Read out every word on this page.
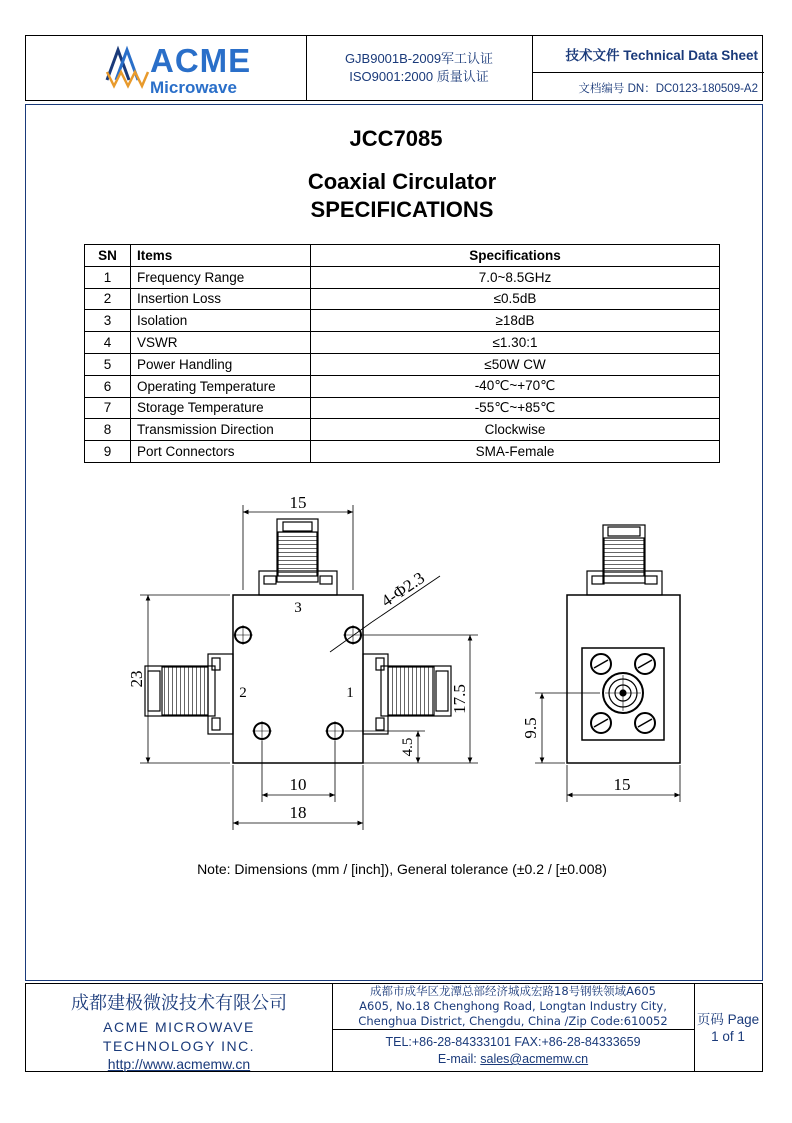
ACME
Microwave
GJB9001B-2009军工认证
ISO9001:2000 质量认证
技术文件 Technical Data Sheet
文档编号 DN：DC0123-180509-A2
JCC7085
Coaxial Circulator
SPECIFICATIONS
SN	Items	Specifications
1	Frequency Range	7.0~8.5GHz
2	Insertion Loss	≤0.5dB
3	Isolation	≥18dB
4	VSWR	≤1.30:1
5	Power Handling	≤50W CW
6	Operating Temperature	-40℃~+70℃
7	Storage Temperature	-55℃~+85℃
8	Transmission Direction	Clockwise
9	Port Connectors	SMA-Female
15
3
2	1
23
17.5
4.5
4-Φ2.3
10
18
9.5
15
Note: Dimensions (mm / [inch]), General tolerance (±0.2 / [±0.008)
成都建极微波技术有限公司
ACME MICROWAVE
TECHNOLOGY INC.
http://www.acmemw.cn
成都市成华区龙潭总部经济城成宏路18号钢铁领域A605
A605, No.18 Chenghong Road, Longtan Industry City,
Chenghua District, Chengdu, China /Zip Code:610052
TEL:+86-28-84333101 FAX:+86-28-84333659
E-mail: sales@acmemw.cn
页码 Page
1 of 1
